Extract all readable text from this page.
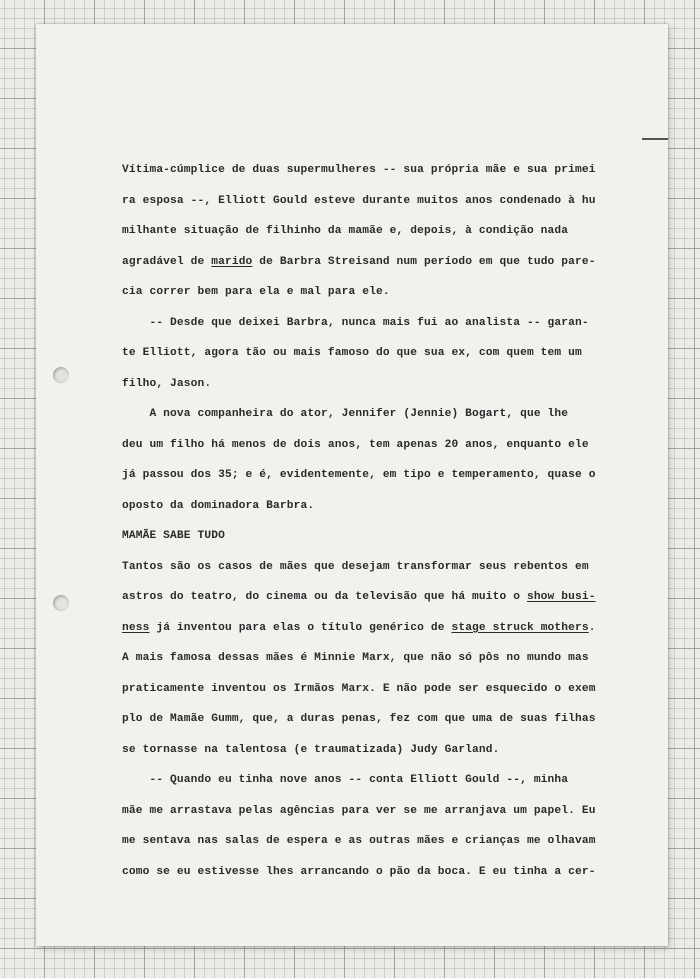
Vítima-cúmplice de duas supermulheres -- sua própria mãe e sua primei
ra esposa --, Elliott Gould esteve durante muitos anos condenado à hu
milhante situação de filhinho da mamãe e, depois, à condição nada
agradável de marido de Barbra Streisand num período em que tudo pare-
cia correr bem para ela e mal para ele.
-- Desde que deixei Barbra, nunca mais fui ao analista -- garan-
te Elliott, agora tão ou mais famoso do que sua ex, com quem tem um
filho, Jason.
A nova companheira do ator, Jennifer (Jennie) Bogart, que lhe
deu um filho há menos de dois anos, tem apenas 20 anos, enquanto ele
já passou dos 35; e é, evidentemente, em tipo e temperamento, quase o
oposto da dominadora Barbra.
MAMÃE SABE TUDO
Tantos são os casos de mães que desejam transformar seus rebentos em
astros do teatro, do cinema ou da televisão que há muito o show busi-
ness já inventou para elas o título genérico de stage struck mothers.
A mais famosa dessas mães é Minnie Marx, que não só pôs no mundo mas
praticamente inventou os Irmãos Marx. E não pode ser esquecido o exem
plo de Mamãe Gumm, que, a duras penas, fez com que uma de suas filhas
se tornasse na talentosa (e traumatizada) Judy Garland.
-- Quando eu tinha nove anos -- conta Elliott Gould --, minha
mãe me arrastava pelas agências para ver se me arranjava um papel. Eu
me sentava nas salas de espera e as outras mães e crianças me olhavam
como se eu estivesse lhes arrancando o pão da boca. E eu tinha a cer-
